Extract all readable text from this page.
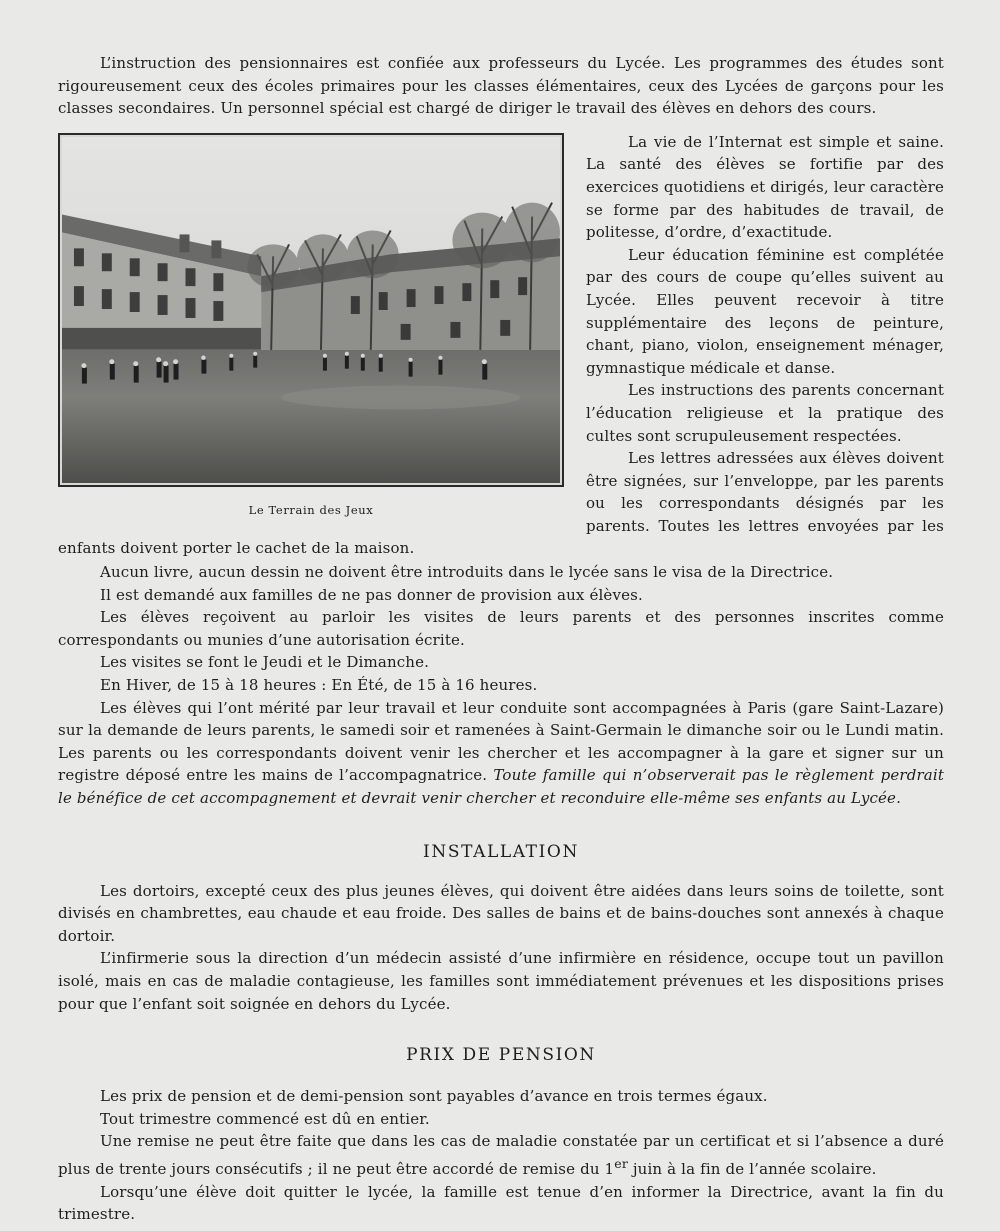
L’instruction des pensionnaires est confiée aux professeurs du Lycée. Les programmes des études sont rigoureusement ceux des écoles primaires pour les classes élémentaires, ceux des Lycées de garçons pour les classes secondaires. Un personnel spécial est chargé de diriger le travail des élèves en dehors des cours.

Le Terrain des Jeux

La vie de l’Internat est simple et saine. La santé des élèves se fortifie par des exercices quotidiens et dirigés, leur caractère se forme par des habitudes de travail, de politesse, d’ordre, d’exactitude.

Leur éducation féminine est complétée par des cours de coupe qu’elles suivent au Lycée. Elles peuvent recevoir à titre supplémentaire des leçons de peinture, chant, piano, violon, enseignement ménager, gymnastique médicale et danse.

Les instructions des parents concernant l’éducation religieuse et la pratique des cultes sont scrupuleusement respectées.

Les lettres adressées aux élèves doivent être signées, sur l’enveloppe, par les parents ou les correspondants désignés par les parents. Toutes les lettres envoyées par les enfants doivent porter le cachet de la maison.

Aucun livre, aucun dessin ne doivent être introduits dans le lycée sans le visa de la Directrice.

Il est demandé aux familles de ne pas donner de provision aux élèves.

Les élèves reçoivent au parloir les visites de leurs parents et des personnes inscrites comme correspondants ou munies d’une autorisation écrite.

Les visites se font le Jeudi et le Dimanche.

En Hiver, de 15 à 18 heures : En Été, de 15 à 16 heures.

Les élèves qui l’ont mérité par leur travail et leur conduite sont accompagnées à Paris (gare Saint-Lazare) sur la demande de leurs parents, le samedi soir et ramenées à Saint-Germain le dimanche soir ou le Lundi matin. Les parents ou les correspondants doivent venir les chercher et les accompagner à la gare et signer sur un registre déposé entre les mains de l’accompagnatrice. Toute famille qui n’observerait pas le règlement perdrait le bénéfice de cet accompagnement et devrait venir chercher et reconduire elle-même ses enfants au Lycée.

INSTALLATION

Les dortoirs, excepté ceux des plus jeunes élèves, qui doivent être aidées dans leurs soins de toilette, sont divisés en chambrettes, eau chaude et eau froide. Des salles de bains et de bains-douches sont annexés à chaque dortoir.

L’infirmerie sous la direction d’un médecin assisté d’une infirmière en résidence, occupe tout un pavillon isolé, mais en cas de maladie contagieuse, les familles sont immédiatement prévenues et les dispositions prises pour que l’enfant soit soignée en dehors du Lycée.

PRIX DE PENSION

Les prix de pension et de demi-pension sont payables d’avance en trois termes égaux.

Tout trimestre commencé est dû en entier.

Une remise ne peut être faite que dans les cas de maladie constatée par un certificat et si l’absence a duré plus de trente jours consécutifs ; il ne peut être accordé de remise du 1er juin à la fin de l’année scolaire.

Lorsqu’une élève doit quitter le lycée, la famille est tenue d’en informer la Directrice, avant la fin du trimestre.
